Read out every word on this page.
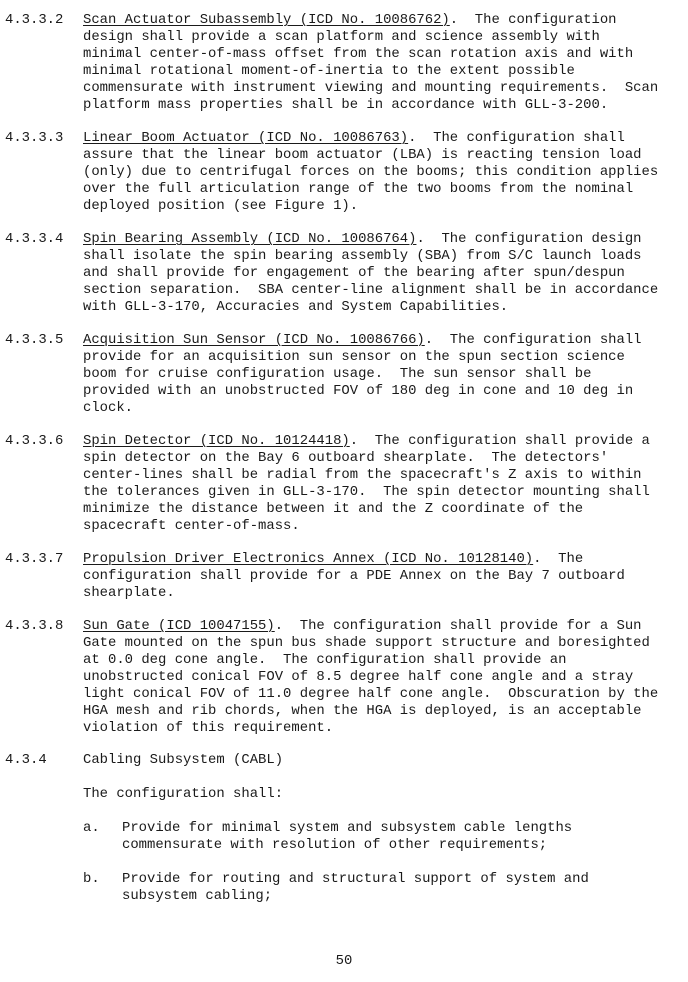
4.3.3.2 Scan Actuator Subassembly (ICD No. 10086762).  The configuration
design shall provide a scan platform and science assembly with
minimal center-of-mass offset from the scan rotation axis and with
minimal rotational moment-of-inertia to the extent possible
commensurate with instrument viewing and mounting requirements.  Scan
platform mass properties shall be in accordance with GLL-3-200.
4.3.3.3 Linear Boom Actuator (ICD No. 10086763).  The configuration shall
assure that the linear boom actuator (LBA) is reacting tension load
(only) due to centrifugal forces on the booms; this condition applies
over the full articulation range of the two booms from the nominal
deployed position (see Figure 1).
4.3.3.4 Spin Bearing Assembly (ICD No. 10086764).  The configuration design
shall isolate the spin bearing assembly (SBA) from S/C launch loads
and shall provide for engagement of the bearing after spun/despun
section separation.  SBA center-line alignment shall be in accordance
with GLL-3-170, Accuracies and System Capabilities.
4.3.3.5 Acquisition Sun Sensor (ICD No. 10086766).  The configuration shall
provide for an acquisition sun sensor on the spun section science
boom for cruise configuration usage.  The sun sensor shall be
provided with an unobstructed FOV of 180 deg in cone and 10 deg in
clock.
4.3.3.6 Spin Detector (ICD No. 10124418).  The configuration shall provide a
spin detector on the Bay 6 outboard shearplate.  The detectors'
center-lines shall be radial from the spacecraft's Z axis to within
the tolerances given in GLL-3-170.  The spin detector mounting shall
minimize the distance between it and the Z coordinate of the
spacecraft center-of-mass.
4.3.3.7 Propulsion Driver Electronics Annex (ICD No. 10128140).  The
configuration shall provide for a PDE Annex on the Bay 7 outboard
shearplate.
4.3.3.8 Sun Gate (ICD 10047155).  The configuration shall provide for a Sun
Gate mounted on the spun bus shade support structure and boresighted
at 0.0 deg cone angle.  The configuration shall provide an
unobstructed conical FOV of 8.5 degree half cone angle and a stray
light conical FOV of 11.0 degree half cone angle.  Obscuration by the
HGA mesh and rib chords, when the HGA is deployed, is an acceptable
violation of this requirement.
4.3.4	Cabling Subsystem (CABL)
The configuration shall:
a. Provide for minimal system and subsystem cable lengths
commensurate with resolution of other requirements;
b. Provide for routing and structural support of system and
subsystem cabling;
50
